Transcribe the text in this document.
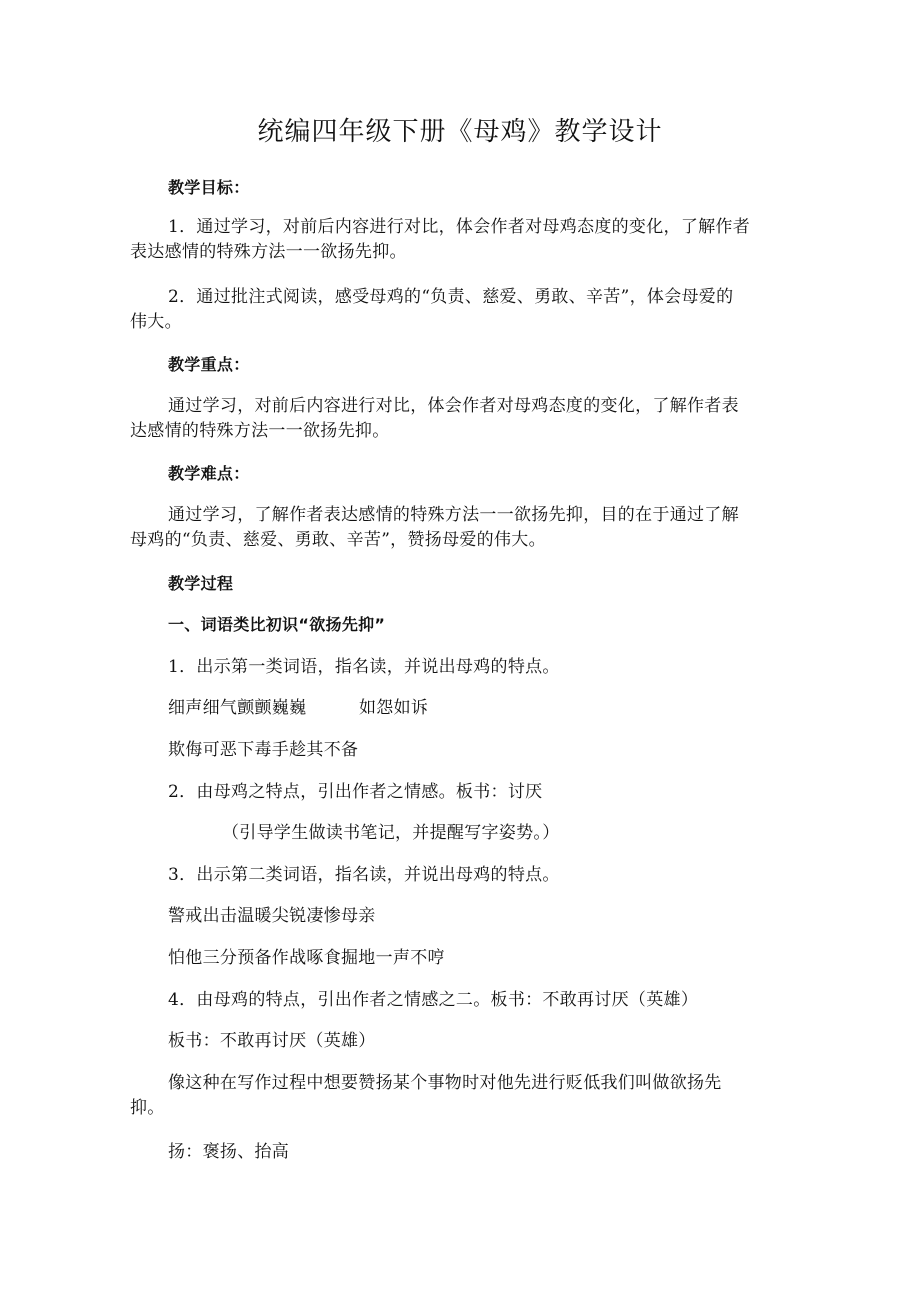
统编四年级下册《母鸡》教学设计
教学目标：
1．通过学习，对前后内容进行对比，体会作者对母鸡态度的变化，了解作者
表达感情的特殊方法一一欲扬先抑。
2．通过批注式阅读，感受母鸡的“负责、慈爱、勇敢、辛苦”，体会母爱的
伟大。
教学重点：
通过学习，对前后内容进行对比，体会作者对母鸡态度的变化，了解作者表
达感情的特殊方法一一欲扬先抑。
教学难点：
通过学习，了解作者表达感情的特殊方法一一欲扬先抑，目的在于通过了解
母鸡的“负责、慈爱、勇敢、辛苦”，赞扬母爱的伟大。
教学过程
一、词语类比初识“欲扬先抑”
1．出示第一类词语，指名读，并说出母鸡的特点。
细声细气颤颤巍巍	如怨如诉
欺侮可恶下毒手趁其不备
2．由母鸡之特点，引出作者之情感。板书：讨厌
（引导学生做读书笔记，并提醒写字姿势。）
3．出示第二类词语，指名读，并说出母鸡的特点。
警戒出击温暖尖锐凄惨母亲
怕他三分预备作战啄食掘地一声不哼
4．由母鸡的特点，引出作者之情感之二。板书：不敢再讨厌（英雄）
板书：不敢再讨厌（英雄）
像这种在写作过程中想要赞扬某个事物时对他先进行贬低我们叫做欲扬先
抑。
扬：褒扬、抬高
